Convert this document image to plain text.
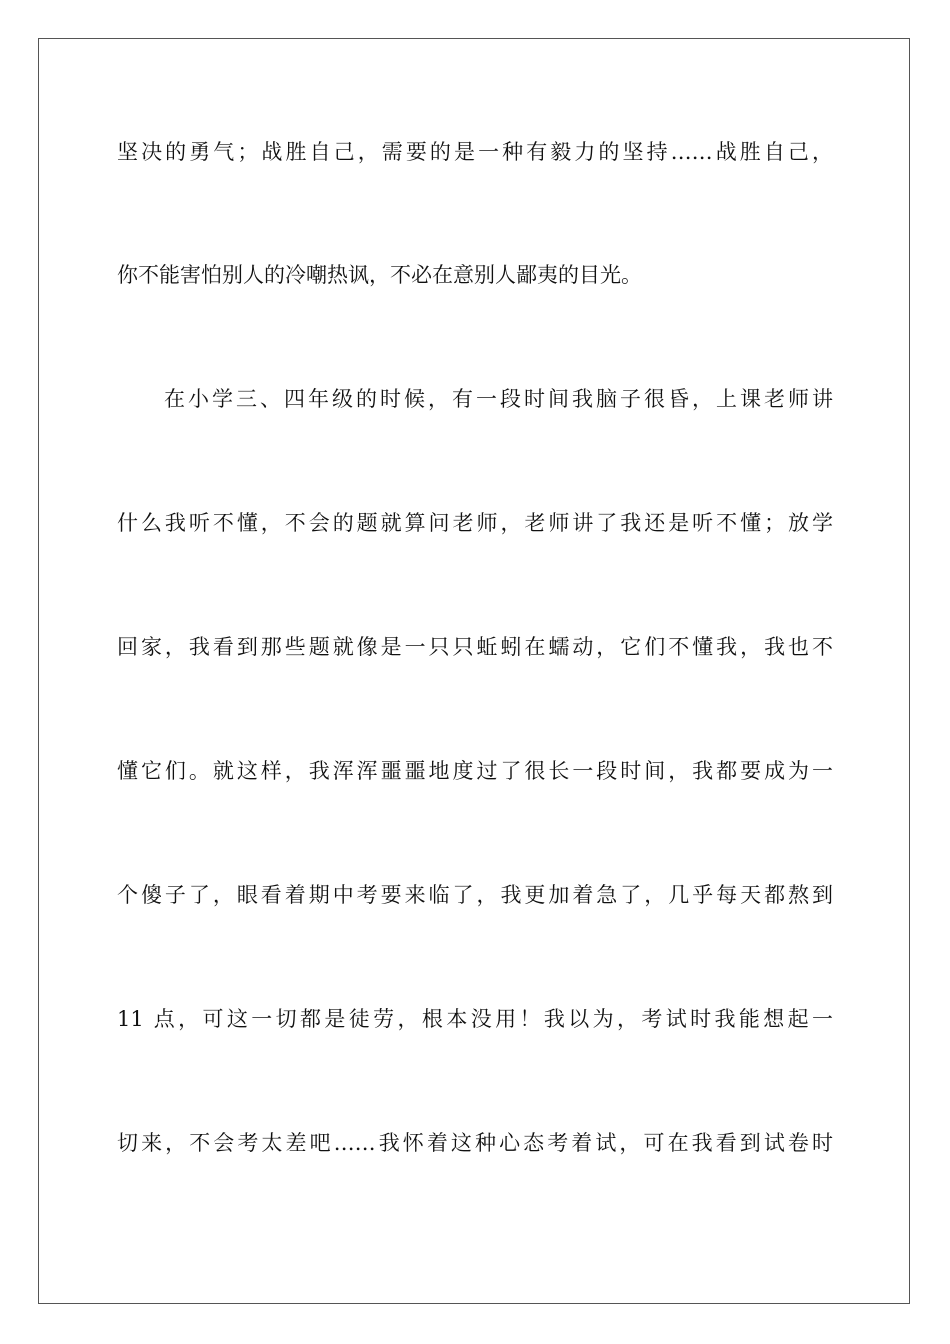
坚决的勇气；战胜自己，需要的是一种有毅力的坚持……战胜自己，
你不能害怕别人的冷嘲热讽，不必在意别人鄙夷的目光。
在小学三、四年级的时候，有一段时间我脑子很昏，上课老师讲
什么我听不懂，不会的题就算问老师，老师讲了我还是听不懂；放学
回家，我看到那些题就像是一只只蚯蚓在蠕动，它们不懂我，我也不
懂它们。就这样，我浑浑噩噩地度过了很长一段时间，我都要成为一
个傻子了，眼看着期中考要来临了，我更加着急了，几乎每天都熬到
11 点，可这一切都是徒劳，根本没用！我以为，考试时我能想起一
切来，不会考太差吧……我怀着这种心态考着试，可在我看到试卷时
